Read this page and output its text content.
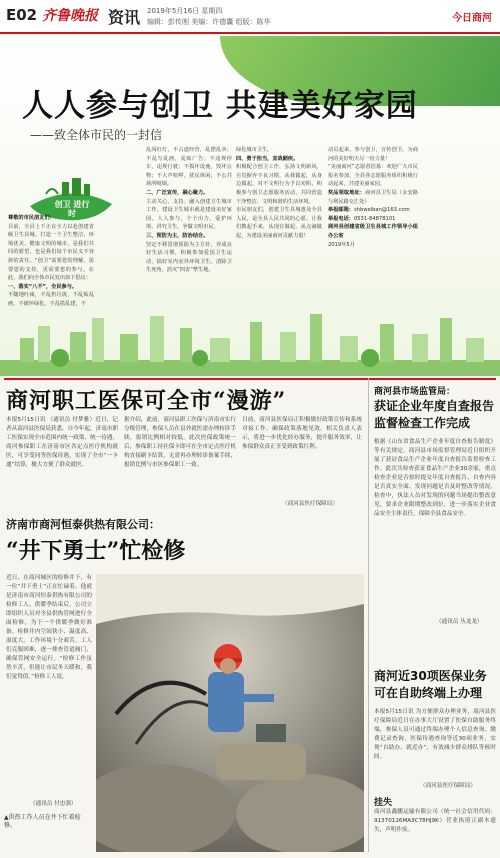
E02 齐鲁晚报 资讯 2019年5月16日 星期四
编辑：彭传刚 美编：许德囊 组版：陈华	今日商河
人人参与创卫 共建美好家园
——致全体市民的一封信
创卫 进行时
尊敬的市民朋友们：
目前，全县上下正在全力以赴创建省级卫生县城。打造一个卫生整洁、环境优美、健康文明的城市，是我们共同的愿望，也是我们每个市民义不容辞的责任。“创卫”需要您的理解，需要您的支持，更需要您的参与。在此，我们向全体市民发出如下倡议：
一、落实“八不”，全民参与。
不随地吐痰，不乱扔垃圾，不乱贴乱画，不破坏绿化，不乱搭乱建，不
乱闯红灯，不占道经营，乱摆乱卖；不乱写乱画，乱贴广告；不违规停车，违规行驶；不损坏设施，毁坏公物；不大声喧哗，扰民休闲；不公共场所吸烟。
二、广泛宣传，凝心聚力。
主动关心、支持、融入创建卫生城市工作，建设卫生城市就是建设美好家园。人人参与，个个出力，爱护环境，讲究卫生，争做文明市民。
三、预防为主，防治结合。
坚定不移贯彻预防为主方针，养成良好生活习惯，积极参加爱国卫生运动，搞好室内室外环境卫生，清除卫生死角，消灭“四害”孳生地。
绿化城市卫生。
四、勇于担当，宣战陋疾。
积极配合创卫工作，弘扬文明新风，自觉摒弃不良习惯，从我做起，从身边做起，对不文明行为予以劝阻，积极参与创卫志愿服务活动，共同营造干净整洁、文明和谐的生活环境。
市民朋友们，创建卫生县城惠及全县人民，是全县人民共同的心愿。让我们携起手来，从现在做起，从点滴做起，为建设美丽商河贡献力量！
动员起来，参与创卫，宣传创卫，为商河的美好明天尽一份力量！
“美丽商河”志愿者招募：欢迎广大市民报名参加，全县各志愿服务组织积极行动起来，共建美丽家园。
奖品领取地址：商河县卫生局（永安路与利民路交汇处）
举报邮箱：shbweiban@163.com
举报电话：0531-84878101
商河县创建省级卫生县城工作领导小组办公室
2019年5月
商河职工医保可全市“漫游”
本报5月15日讯 （通讯员 付梦雅）近日，记者从商河县医保局获悉，自今年起，济南市职工医保实现全市范围内统一政策、统一待遇，商河参保职工在济南市区各定点医疗机构就医，可享受同等医保待遇，实现了全市“一卡通”结算，极大方便了群众就医。
据介绍，此前，商河县职工医保与济南市实行分级管理，参保人员在县外就医需办理转诊手续，报销比例相对较低。此次医保政策统一后，参保职工持社保卡即可在全市定点医疗机构直接刷卡结算，无需再办理转诊备案手续，报销比例与市区参保职工一致。
目前，商河县医保局正积极做好政策宣传和系统对接工作，确保政策落地见效。相关负责人表示，将进一步优化经办服务，提升服务效率，让参保群众真正享受到政策红利。
（商河县医疗保障局）
济南市商河恒泰供热有限公司：
“井下勇士”忙检修
近日，在商河城区的检修井下，有一位“井下勇士”正在忙碌着。他就是济南市商河恒泰供热有限公司的检修工人。供暖季结束后，公司立即组织人员对全县供热管网进行全面检修，为下一个供暖季做好准备。检修井内空间狭小、温度高、湿度大，工作环境十分艰苦。工人们克服困难，逐一排查管道阀门，确保管网安全运行。“检修工作虽然辛苦，但能让市民冬天暖和，我们觉得值。”检修工人说。
（通讯员 付忠强）
▲供热工作人员在井下忙着检修。
商河县市场监管局：
获证企业年度自查报告监督检查工作完成
根据《山东省食品生产企业年度自查报告制度》等有关规定，商河县市场监督管理局近日组织开展了获证食品生产企业年度自查报告监督检查工作。此次共检查获证食品生产企业30余家，重点检查企业是否按时提交年度自查报告、自查内容是否真实全面、发现问题是否及时整改等情况。检查中，执法人员对发现的问题当场提出整改意见，要求企业限期整改到位，进一步落实企业食品安全主体责任，保障全县食品安全。
（通讯员 丛龙龙）
商河近30项医保业务可在自助终端上办理
本报5月15日讯 为方便群众办理业务，商河县医疗保障局近日在办事大厅设置了医保自助服务终端，参保人员可通过终端办理个人信息查询、缴费记录查询、医保待遇查询等近30项业务，实现“自助办、就近办”，有效减少群众排队等候时间。
（商河县医疗保障局）
挂失
商河县鑫鹏运输有限公司（统一社会信用代码：91370126MA3C78HJ9K）营业执照正副本遗失，声明作废。
